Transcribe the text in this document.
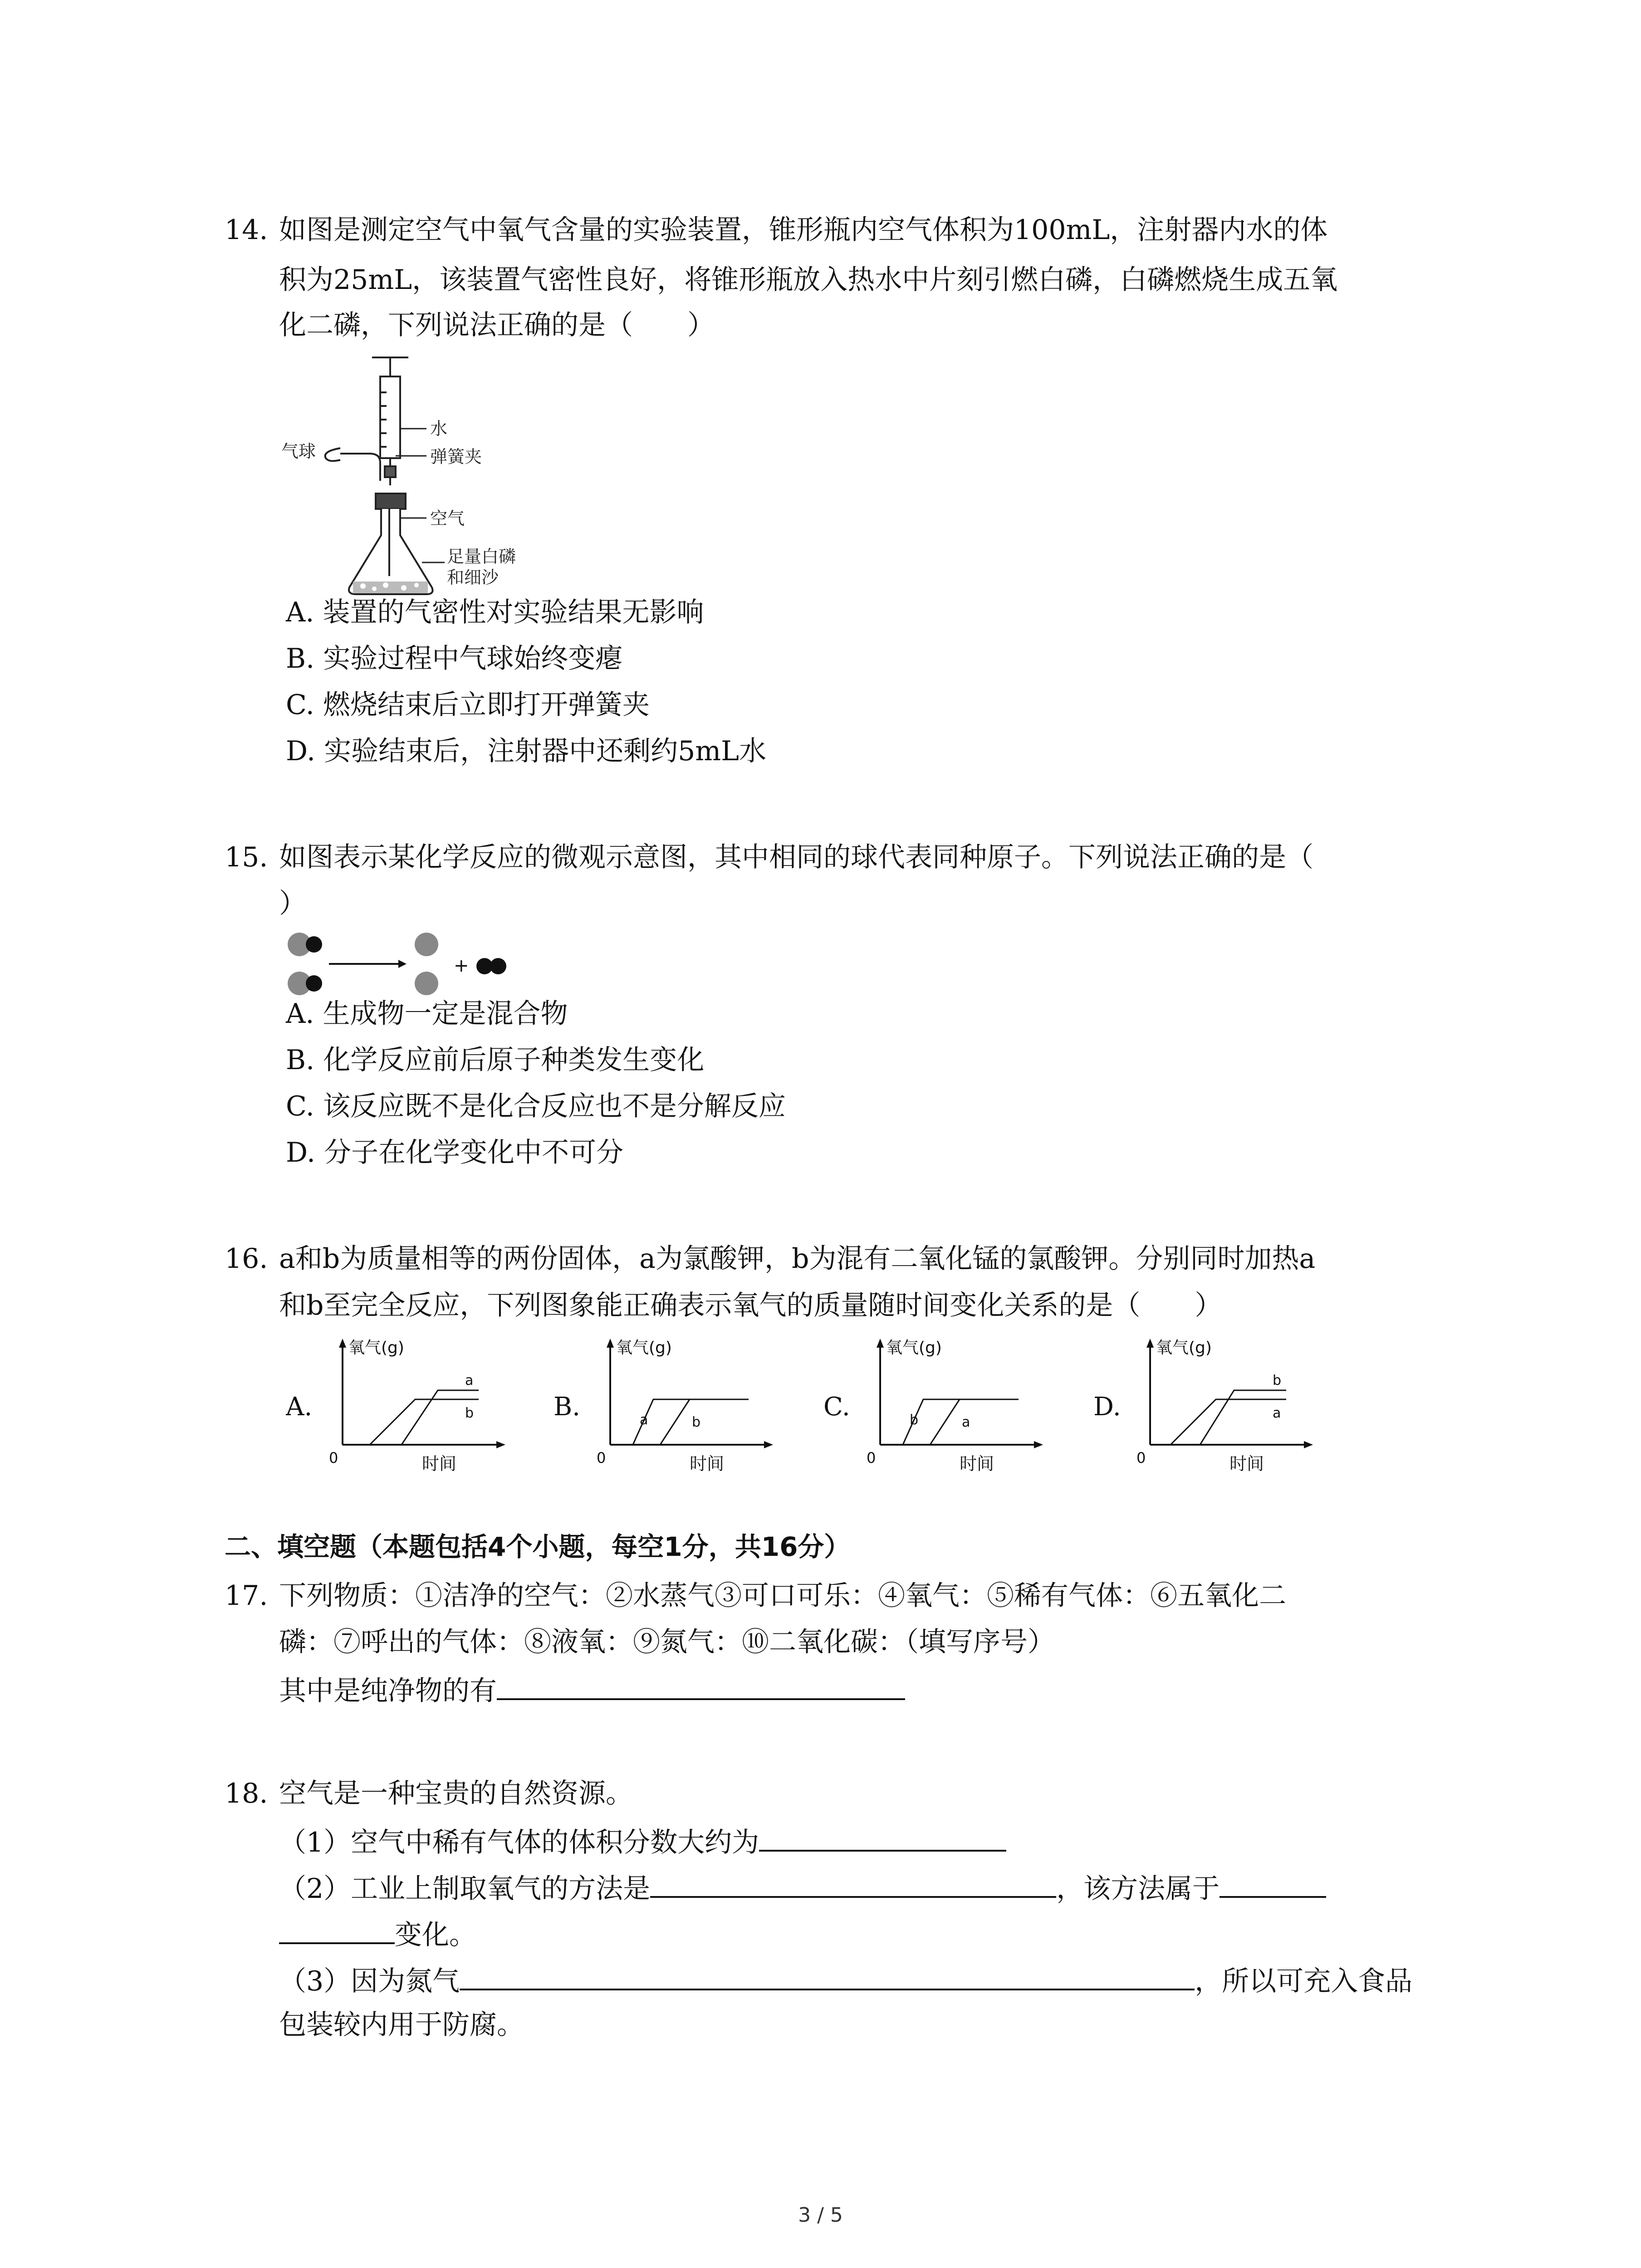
14. 如图是测定空气中氧气含量的实验装置，锥形瓶内空气体积为100mL，注射器内水的体
积为25mL，该装置气密性良好，将锥形瓶放入热水中片刻引燃白磷，白磷燃烧生成五氧
化二磷，下列说法正确的是（　　）
气球
水
弹簧夹
空气
足量白磷
和细沙
A. 装置的气密性对实验结果无影响
B. 实验过程中气球始终变瘪
C. 燃烧结束后立即打开弹簧夹
D. 实验结束后，注射器中还剩约5mL水
15. 如图表示某化学反应的微观示意图，其中相同的球代表同种原子。下列说法正确的是（
）
+
A. 生成物一定是混合物
B. 化学反应前后原子种类发生变化
C. 该反应既不是化合反应也不是分解反应
D. 分子在化学变化中不可分
16. a和b为质量相等的两份固体，a为氯酸钾，b为混有二氧化锰的氯酸钾。分别同时加热a
和b至完全反应，下列图象能正确表示氧气的质量随时间变化关系的是（　　）
A.
氧气(g)
0	时间
a
b	B.
氧气(g)
0	时间
a	b
C.
氧气(g)
0	时间
b	a
D.
氧气(g)
0	时间
b
a
二、填空题（本题包括4个小题，每空1分，共16分）
17. 下列物质：①洁净的空气：②水蒸气③可口可乐：④氧气：⑤稀有气体：⑥五氧化二
磷：⑦呼出的气体：⑧液氧：⑨氮气：⑩二氧化碳：（填写序号）
其中是纯净物的有
18. 空气是一种宝贵的自然资源。
（1）空气中稀有气体的体积分数大约为
（2）工业上制取氧气的方法是	，该方法属于
变化。
（3）因为氮气	，所以可充入食品
包装较内用于防腐。
3 / 5
